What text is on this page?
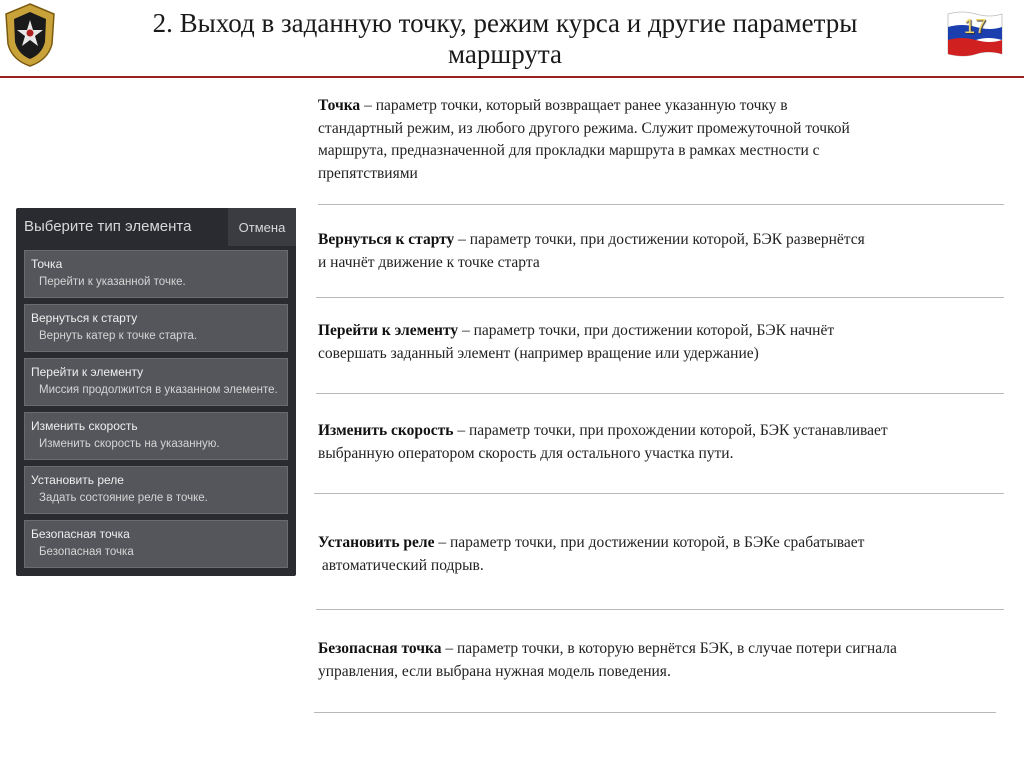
2. Выход в заданную точку, режим курса и другие параметры
маршрута
17
Выберите тип элемента	Отмена
Точка
Перейти к указанной точке.
Вернуться к старту
Вернуть катер к точке старта.
Перейти к элементу
Миссия продолжится в указанном элементе.
Изменить скорость
Изменить скорость на указанную.
Установить реле
Задать состояние реле в точке.
Безопасная точка
Безопасная точка
Точка – параметр точки, который возвращает ранее указанную точку в
стандартный режим, из любого другого режима. Служит промежуточной точкой
маршрута, предназначенной для прокладки маршрута в рамках местности с
препятствиями
Вернуться к старту – параметр точки, при достижении которой, БЭК развернётся
и начнёт движение к точке старта
Перейти к элементу – параметр точки, при достижении которой, БЭК начнёт
совершать заданный элемент (например вращение или удержание)
Изменить скорость – параметр точки, при прохождении которой, БЭК устанавливает
выбранную оператором скорость для остального участка пути.
Установить реле – параметр точки, при достижении которой, в БЭКе срабатывает
автоматический подрыв.
Безопасная точка – параметр точки, в которую вернётся БЭК, в случае потери сигнала
управления, если выбрана нужная модель поведения.
